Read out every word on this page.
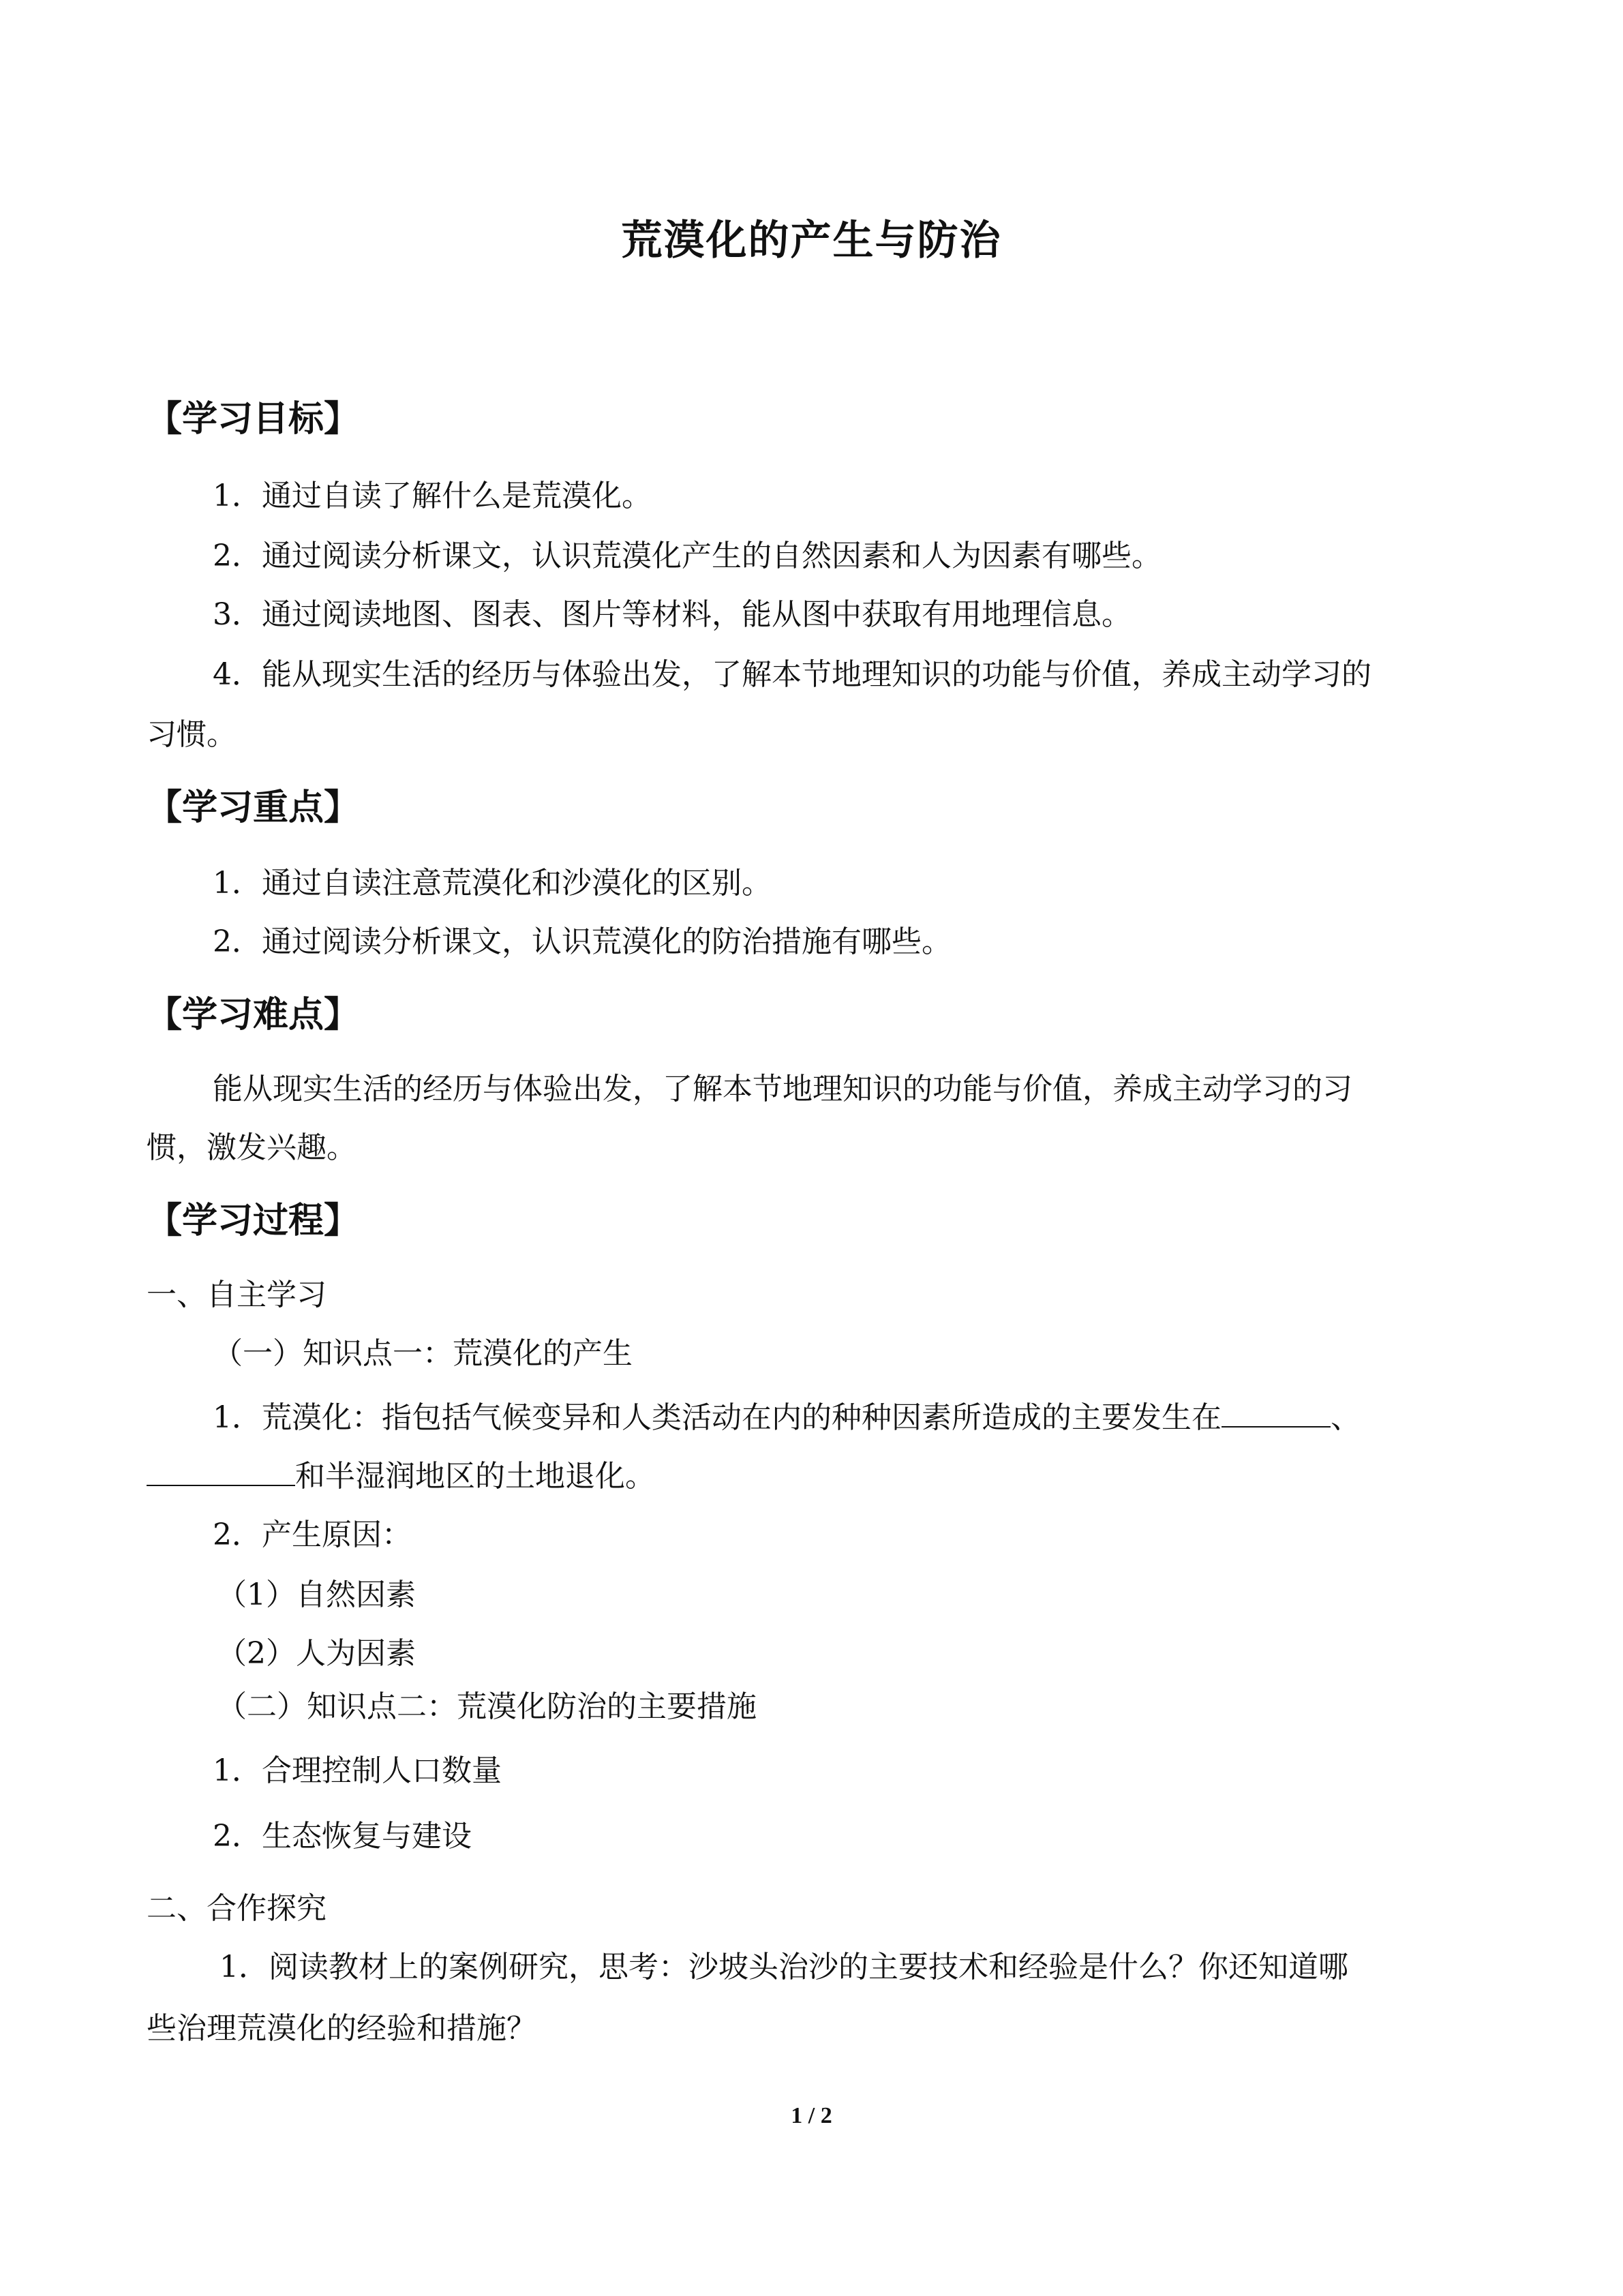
荒漠化的产生与防治
【学习目标】
1．通过自读了解什么是荒漠化。
2．通过阅读分析课文，认识荒漠化产生的自然因素和人为因素有哪些。
3．通过阅读地图、图表、图片等材料，能从图中获取有用地理信息。
4．能从现实生活的经历与体验出发，了解本节地理知识的功能与价值，养成主动学习的
习惯。
【学习重点】
1．通过自读注意荒漠化和沙漠化的区别。
2．通过阅读分析课文，认识荒漠化的防治措施有哪些。
【学习难点】
能从现实生活的经历与体验出发，了解本节地理知识的功能与价值，养成主动学习的习
惯，激发兴趣。
【学习过程】
一、自主学习
（一）知识点一：荒漠化的产生
1．荒漠化：指包括气候变异和人类活动在内的种种因素所造成的主要发生在	、
和半湿润地区的土地退化。
2．产生原因：
（1）自然因素
（2）人为因素
（二）知识点二：荒漠化防治的主要措施
1．合理控制人口数量
2．生态恢复与建设
二、合作探究
1．阅读教材上的案例研究，思考：沙坡头治沙的主要技术和经验是什么？你还知道哪
些治理荒漠化的经验和措施？
1 / 2
